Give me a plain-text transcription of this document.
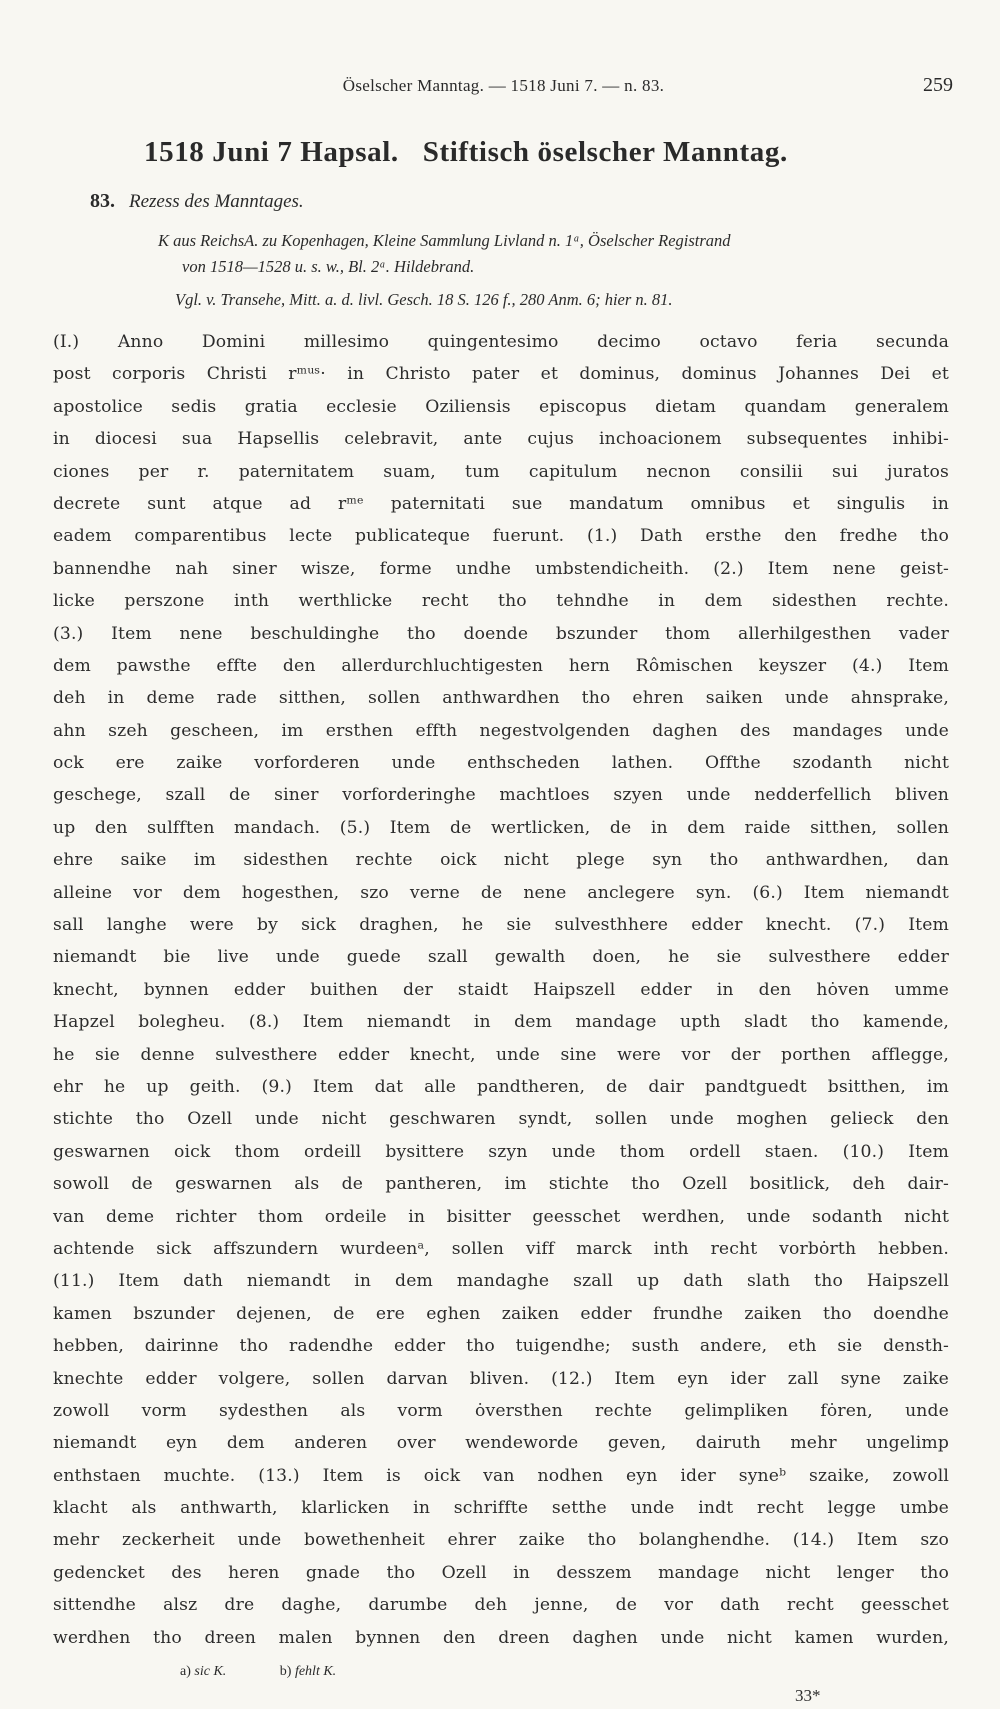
Öselscher Manntag. — 1518 Juni 7. — n. 83.	259
1518 Juni 7 Hapsal. Stiftisch öselscher Manntag.
83. Rezess des Manntages.
K aus ReichsA. zu Kopenhagen, Kleine Sammlung Livland n. 1ᵃ, Öselscher Registrand
von 1518—1528 u. s. w., Bl. 2ᵃ. Hildebrand.
Vgl. v. Transehe, Mitt. a. d. livl. Gesch. 18 S. 126 f., 280 Anm. 6; hier n. 81.
(I.) Anno Domini millesimo quingentesimo decimo octavo feria secunda
post corporis Christi rᵐᵘˢ· in Christo pater et dominus, dominus Johannes Dei et
apostolice sedis gratia ecclesie Oziliensis episcopus dietam quandam generalem
in diocesi sua Hapsellis celebravit, ante cujus inchoacionem subsequentes inhibi-
ciones per r. paternitatem suam, tum capitulum necnon consilii sui juratos
decrete sunt atque ad rᵐᵉ paternitati sue mandatum omnibus et singulis in
eadem comparentibus lecte publicateque fuerunt. (1.) Dath ersthe den fredhe tho
bannendhe nah siner wisze, forme undhe umbstendicheith. (2.) Item nene geist-
licke perszone inth werthlicke recht tho tehndhe in dem sidesthen rechte.
(3.) Item nene beschuldinghe tho doende bszunder thom allerhilgesthen vader
dem pawsthe effte den allerdurchluchtigesten hern Rômischen keyszer (4.) Item
deh in deme rade sitthen, sollen anthwardhen tho ehren saiken unde ahnsprake,
ahn szeh gescheen, im ersthen effth negestvolgenden daghen des mandages unde
ock ere zaike vorforderen unde enthscheden lathen. Offthe szodanth nicht
geschege, szall de siner vorforderinghe machtloes szyen unde nedderfellich bliven
up den sulfften mandach. (5.) Item de wertlicken, de in dem raide sitthen, sollen
ehre saike im sidesthen rechte oick nicht plege syn tho anthwardhen, dan
alleine vor dem hogesthen, szo verne de nene anclegere syn. (6.) Item niemandt
sall langhe were by sick draghen, he sie sulvesthhere edder knecht. (7.) Item
niemandt bie live unde guede szall gewalth doen, he sie sulvesthere edder
knecht, bynnen edder buithen der staidt Haipszell edder in den hȯven umme
Hapzel bolegheu. (8.) Item niemandt in dem mandage upth sladt tho kamende,
he sie denne sulvesthere edder knecht, unde sine were vor der porthen afflegge,
ehr he up geith. (9.) Item dat alle pandtheren, de dair pandtguedt bsitthen, im
stichte tho Ozell unde nicht geschwaren syndt, sollen unde moghen gelieck den
geswarnen oick thom ordeill bysittere szyn unde thom ordell staen. (10.) Item
sowoll de geswarnen als de pantheren, im stichte tho Ozell bositlick, deh dair-
van deme richter thom ordeile in bisitter geesschet werdhen, unde sodanth nicht
achtende sick affszundern wurdeenᵃ, sollen viff marck inth recht vorbȯrth hebben.
(11.) Item dath niemandt in dem mandaghe szall up dath slath tho Haipszell
kamen bszunder dejenen, de ere eghen zaiken edder frundhe zaiken tho doendhe
hebben, dairinne tho radendhe edder tho tuigendhe; susth andere, eth sie densth-
knechte edder volgere, sollen darvan bliven. (12.) Item eyn ider zall syne zaike
zowoll vorm sydesthen als vorm ȯversthen rechte gelimpliken fȯren, unde
niemandt eyn dem anderen over wendeworde geven, dairuth mehr ungelimp
enthstaen muchte. (13.) Item is oick van nodhen eyn ider syneᵇ szaike, zowoll
klacht als anthwarth, klarlicken in schriffte setthe unde indt recht legge umbe
mehr zeckerheit unde bowethenheit ehrer zaike tho bolanghendhe. (14.) Item szo
gedencket des heren gnade tho Ozell in desszem mandage nicht lenger tho
sittendhe alsz dre daghe, darumbe deh jenne, de vor dath recht geesschet
werdhen tho dreen malen bynnen den dreen daghen unde nicht kamen wurden,
a) sic K.	b) fehlt K.
33*
